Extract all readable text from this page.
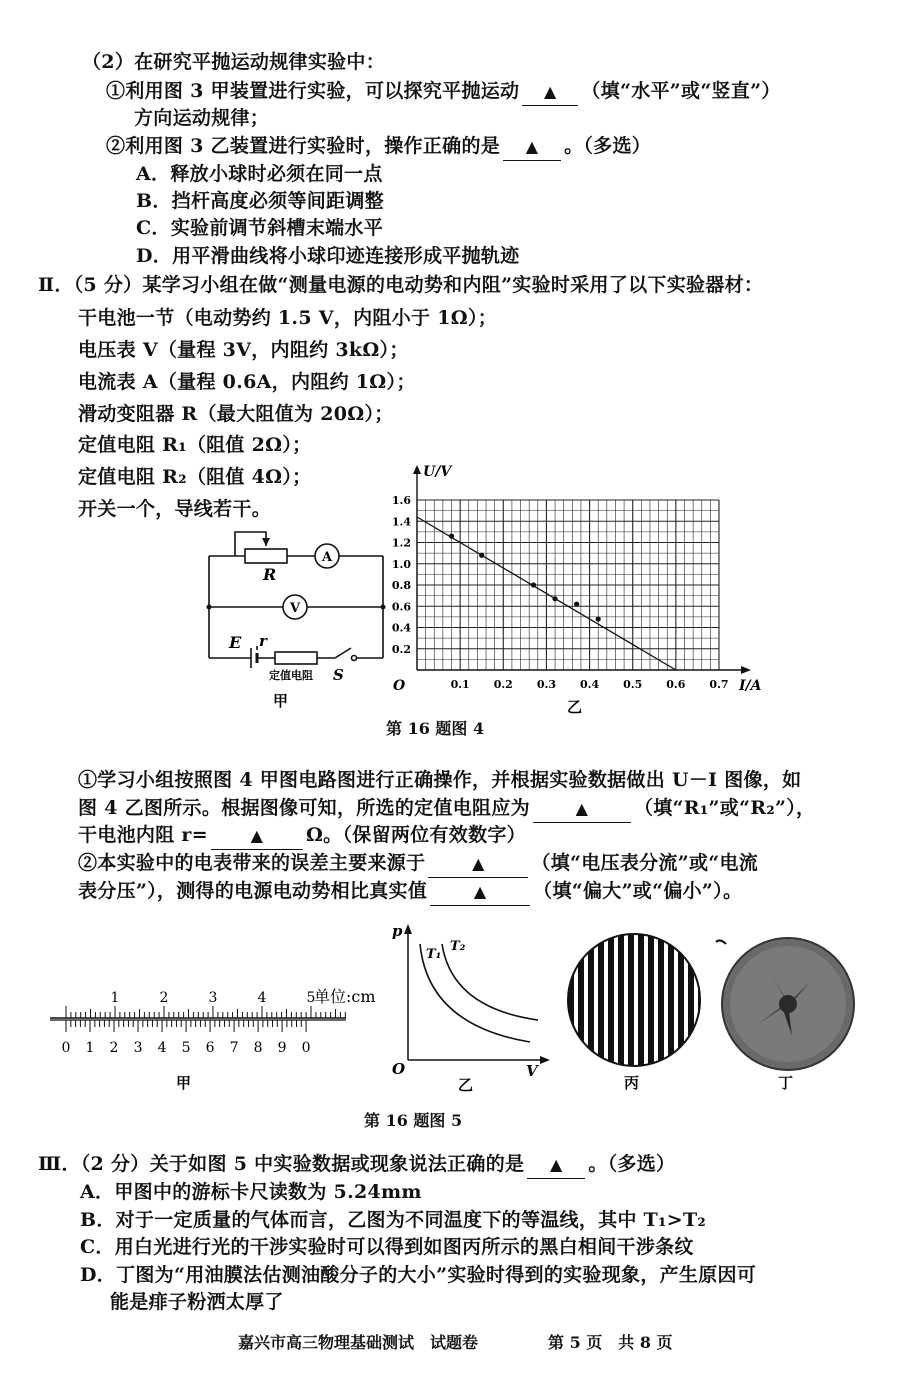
（2）在研究平抛运动规律实验中：
①利用图 3 甲装置进行实验，可以探究平抛运动 ▲ （填“水平”或“竖直”）
方向运动规律；
②利用图 3 乙装置进行实验时，操作正确的是 ▲ 。（多选）
A．释放小球时必须在同一点
B．挡杆高度必须等间距调整
C．实验前调节斜槽末端水平
D．用平滑曲线将小球印迹连接形成平抛轨迹
Ⅱ．（5 分）某学习小组在做“测量电源的电动势和内阻”实验时采用了以下实验器材：
干电池一节（电动势约 1.5 V，内阻小于 1Ω）；
电压表 V（量程 3V，内阻约 3kΩ）；
电流表 A（量程 0.6A，内阻约 1Ω）；
滑动变阻器 R（最大阻值为 20Ω）；
定值电阻 R₁（阻值 2Ω）；
定值电阻 R₂（阻值 4Ω）；
开关一个，导线若干。
A
V
R
E r
定值电阻 S
甲
0.1 0.2 0.3 0.4 0.5 0.6 0.7
0.2
0.4
0.6
0.8
1.0
1.2
1.4
1.6
I/A
U/V
O
乙
第 16 题图 4
①学习小组按照图 4 甲图电路图进行正确操作，并根据实验数据做出 U－I 图像，如
图 4 乙图所示。根据图像可知，所选的定值电阻应为	▲ （填“R₁”或“R₂”），
干电池内阻 r=	▲ Ω。（保留两位有效数字）
②本实验中的电表带来的误差主要来源于	▲ （填“电压表分流”或“电流
表分压”），测得的电源电动势相比真实值	▲ （填“偏大”或“偏小”）。
1	2	3	4	5
0 1 2 3 4 5 6 7 8 9 0
单位:cm
甲
p
V
O
T₁
T₂
乙	丙	丁
第 16 题图 5
Ⅲ．（2 分）关于如图 5 中实验数据或现象说法正确的是 ▲ 。（多选）
A．甲图中的游标卡尺读数为 5.24mm
B．对于一定质量的气体而言，乙图为不同温度下的等温线，其中 T₁>T₂
C．用白光进行光的干涉实验时可以得到如图丙所示的黑白相间干涉条纹
D．丁图为“用油膜法估测油酸分子的大小”实验时得到的实验现象，产生原因可
能是痱子粉洒太厚了
嘉兴市高三物理基础测试　试题卷	第 5 页　共 8 页
